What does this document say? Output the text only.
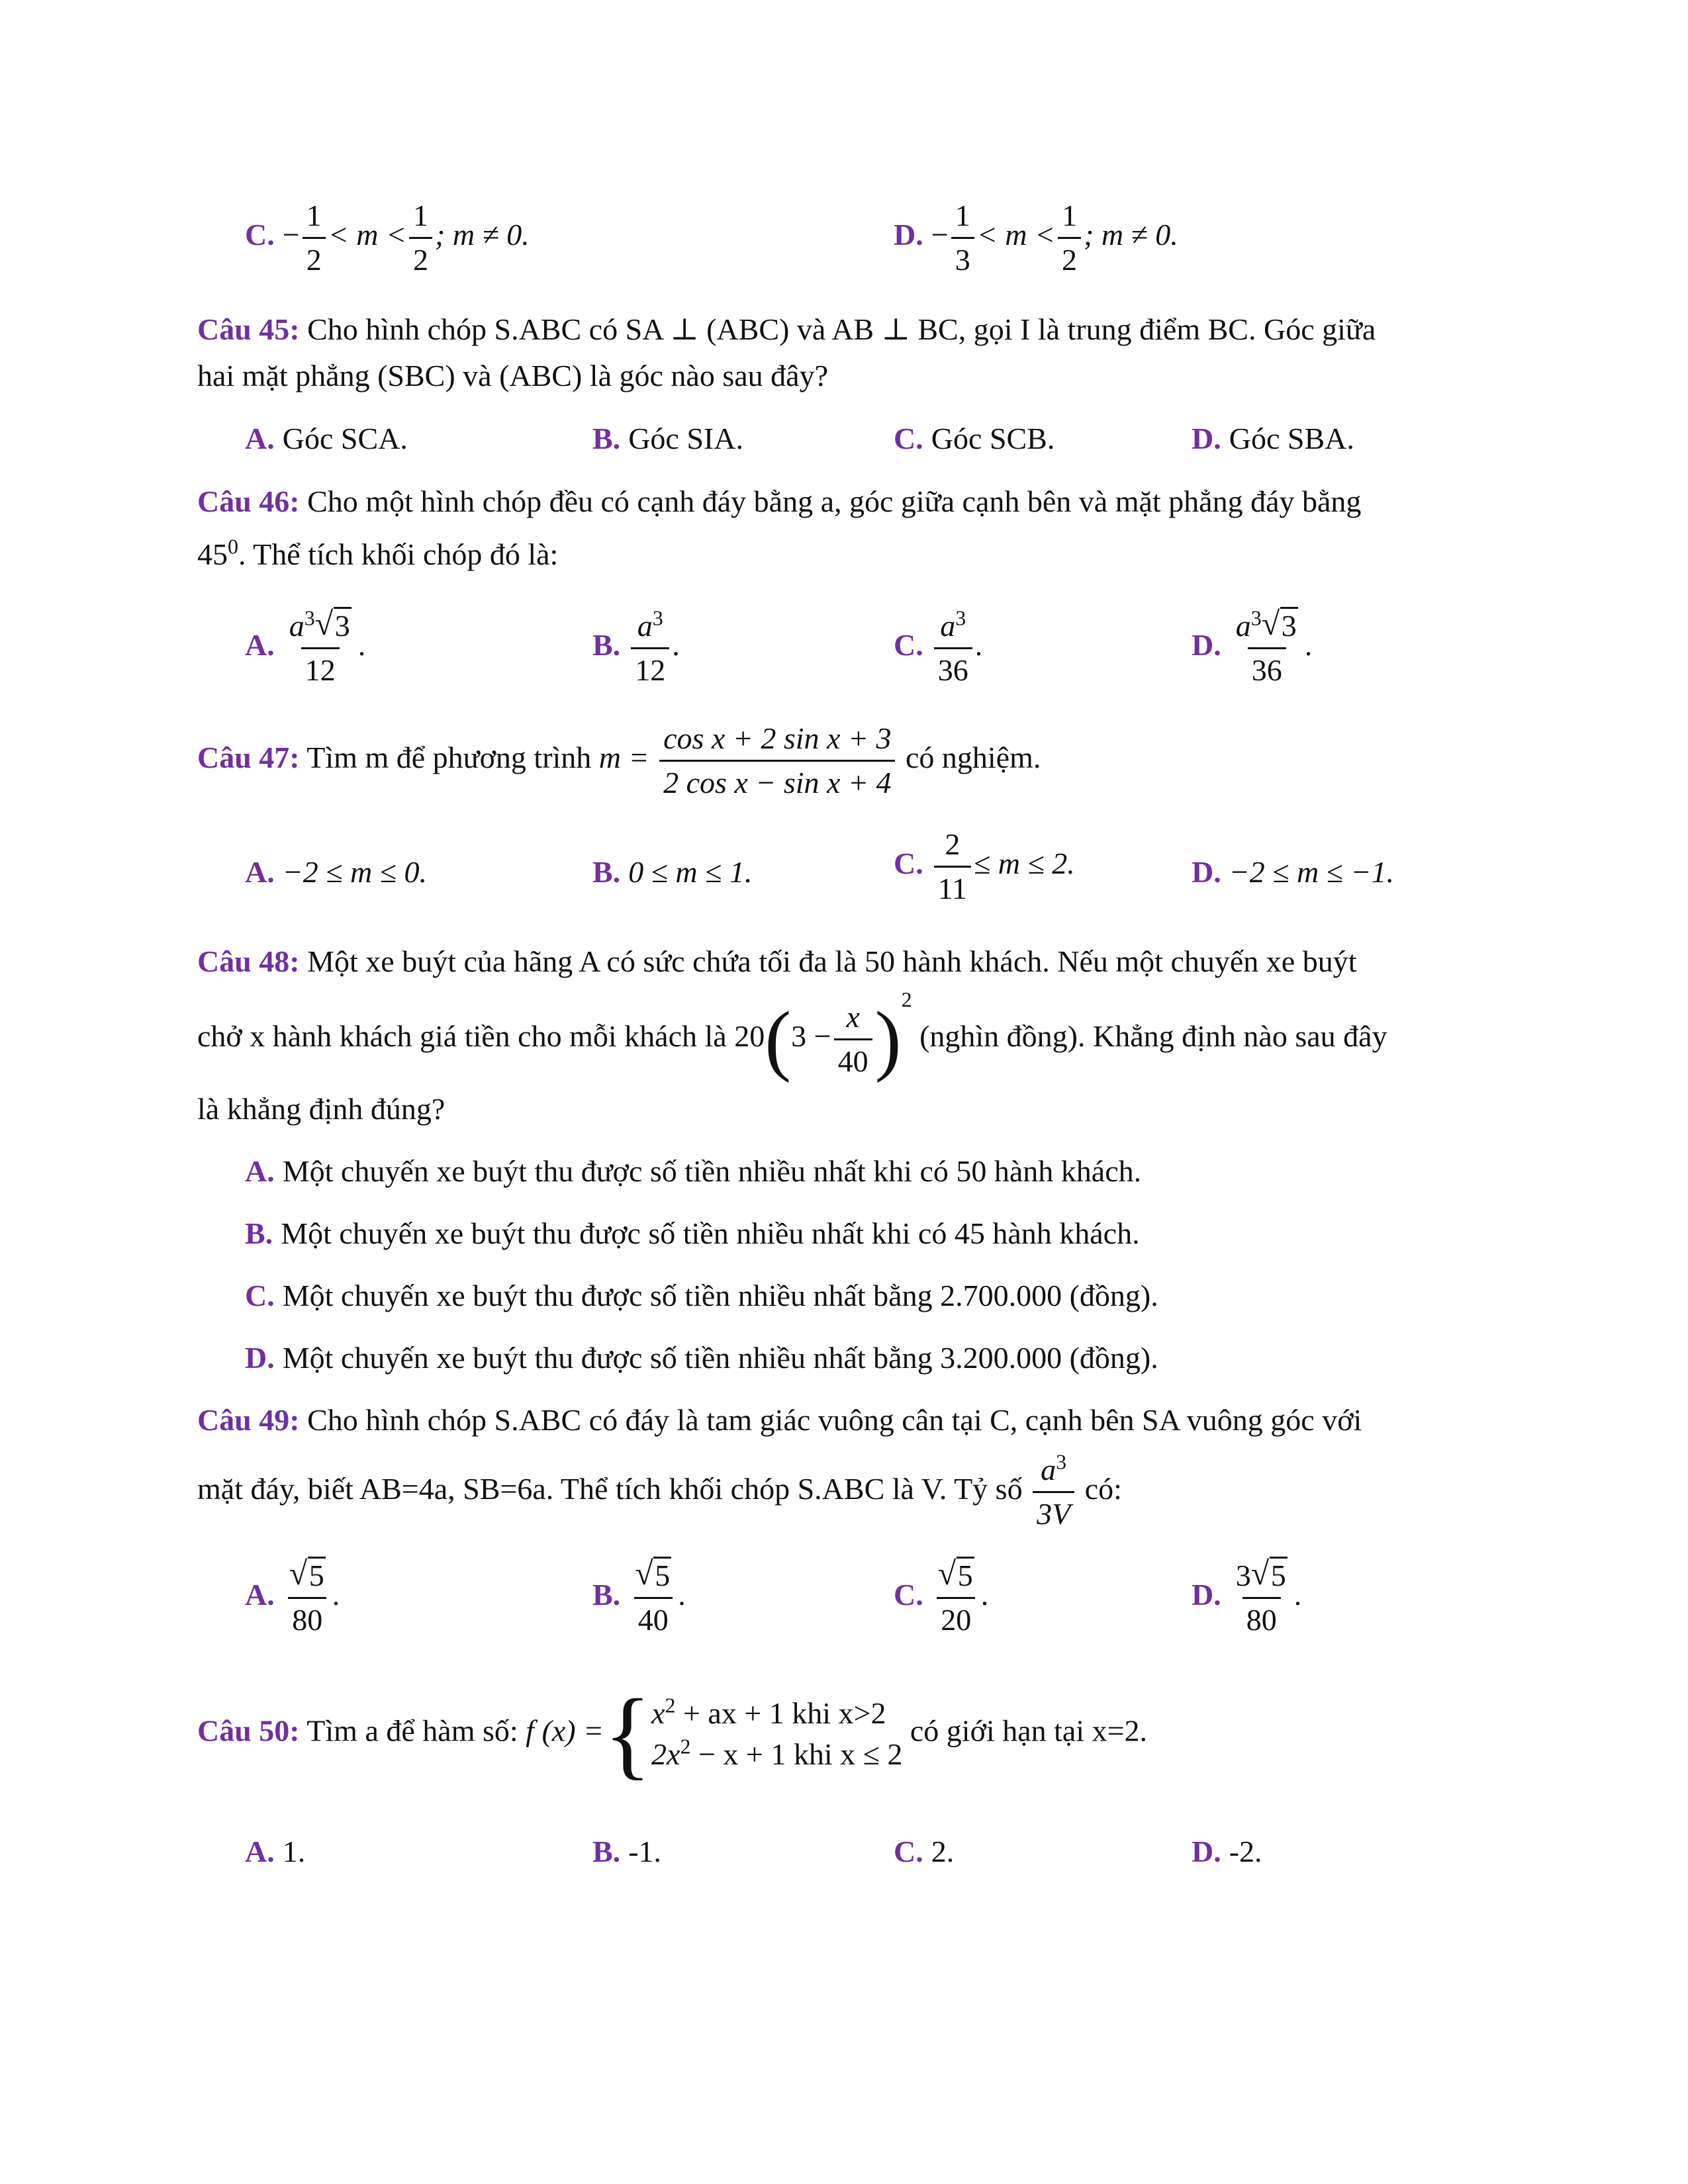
C. − $\frac{1}{2} < m < \frac{1}{2}$ ; m ≠ 0.	D. − $\frac{1}{3} < m < \frac{1}{2}$ ; m ≠ 0.
Câu 45: Cho hình chóp S.ABC có SA ⊥ (ABC) và AB ⊥ BC, gọi I là trung điểm BC. Góc giữa
hai mặt phẳng (SBC) và (ABC) là góc nào sau đây?
A. Góc SCA.	B. Góc SIA.	C. Góc SCB.	D. Góc SBA.
Câu 46: Cho một hình chóp đều có cạnh đáy bằng a, góc giữa cạnh bên và mặt phẳng đáy bằng
$45^0$. Thể tích khối chóp đó là:
A. $\frac{a^3 √ 3}{12}$ .	B. $\frac{a^3}{12}$ .	C. $\frac{a^3}{36}$ .	D. $\frac{a^3 √ 3}{36}$ .
Câu 47: Tìm m để phương trình $m = \frac{\text{cos x + 2 sin x + 3}}{\text{2 cos x − sin x + 4}}$ có nghiệm.
A. −2 ≤ m ≤ 0.	B. 0 ≤ m ≤ 1.	C. $\frac{2}{11} \le m \le 2$.	D. −2 ≤ m ≤ −1.
Câu 48: Một xe buýt của hãng A có sức chứa tối đa là 50 hành khách. Nếu một chuyến xe buýt
chở x hành khách giá tiền cho mỗi khách là $20(3 - \frac{x}{40} )^2$ (nghìn đồng). Khẳng định nào sau đây
là khẳng định đúng?
A. Một chuyến xe buýt thu được số tiền nhiều nhất khi có 50 hành khách.
B. Một chuyến xe buýt thu được số tiền nhiều nhất khi có 45 hành khách.
C. Một chuyến xe buýt thu được số tiền nhiều nhất bằng 2.700.000 (đồng).
D. Một chuyến xe buýt thu được số tiền nhiều nhất bằng 3.200.000 (đồng).
Câu 49: Cho hình chóp S.ABC có đáy là tam giác vuông cân tại C, cạnh bên SA vuông góc với
mặt đáy, biết AB=4a, SB=6a. Thể tích khối chóp S.ABC là V. Tỷ số $\frac{a^3}{3V}$ có:
A. $\frac{√ 5}{80}$ .	B. $\frac{√ 5}{40}$ .	C. $\frac{√ 5}{20}$ .	D. $\frac{3 √ 5}{80}$ .
Câu 50: Tìm a để hàm số: f (x) ={ $x^2$ + ax + 1 khi x>2
$2x^2 - x + 1$ khi x ≤ 2
có giới hạn tại x=2.
A. 1.	B. -1.	C. 2.	D. -2.
